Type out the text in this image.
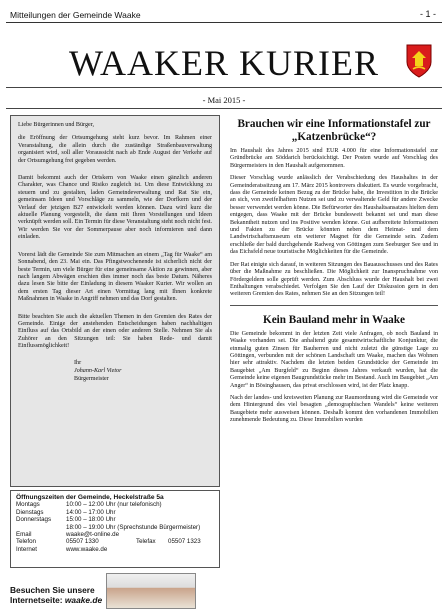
Mitteilungen der Gemeinde Waake	- 1 -
WAAKER KURIER
- Mai 2015 -

Liebe Bürgerinnen und Bürger,

die Eröffnung der Ortsumgehung steht kurz bevor. Im Rahmen einer Veranstaltung, die allein durch die zuständige Straßenbauverwaltung organisiert wird, soll aller Voraussicht nach ab Ende August der Verkehr auf der Ortsumgehung frei gegeben werden.

Damit bekommt auch der Ortskern von Waake einen gänzlich anderen Charakter, was Chance und Risiko zugleich ist. Um diese Entwicklung zu steuern und zu gestalten, laden Gemeindeverwaltung und Rat Sie ein, gemeinsam Ideen und Vorschläge zu sammeln, wie der Dorfkern und der Verlauf der jetzigen B27 entwickelt werden können. Dazu wird kurz die aktuelle Planung vorgestellt, die dann mit Ihren Vorstellungen und Ideen verknüpft werden soll. Ein Termin für diese Veranstaltung steht noch nicht fest. Wir werden Sie vor der Sommerpause aber noch informieren und dann einladen.

Vorerst lädt die Gemeinde Sie zum Mitmachen an einem „Tag für Waake“ am Sonnabend, den 23. Mai ein. Das Pfingstwochenende ist sicherlich nicht der beste Termin, um viele Bürger für eine gemeinsame Aktion zu gewinnen, aber nach langem Abwägen erschien dies immer noch das beste Datum. Näheres dazu lesen Sie bitte der Einladung in diesem Waaker Kurier. Wir wollen an dem ersten Tag dieser Art einen Vormittag lang mit Ihnen konkrete Maßnahmen in Waake in Angriff nehmen und das Dorf gestalten.

Bitte beachten Sie auch die aktuellen Themen in den Gremien des Rates der Gemeinde. Einige der anstehenden Entscheidungen haben nachhaltigen Einfluss auf das Ortsbild an der einen oder anderen Stelle. Nehmen Sie als Zuhörer an den Sitzungen teil: Sie haben Rede- und damit Einflussmöglichkeit!

Ihr
Johann-Karl Vietor
Bürgermeister
Öffnungszeiten der Gemeinde, Heckelstraße 5a
Montags	10:00 – 12:00 Uhr (nur telefonisch)
Dienstags	14:00 – 17:00 Uhr
Donnerstags 15:00 – 18:00 Uhr
18:00 – 19:00 Uhr (Sprechstunde Bürgermeister)
Email	waake@t-online.de
Telefon	05507 1330	Telefax 05507 1323
Internet	www.waake.de
Besuchen Sie unsere
Internetseite: waake.de
Brauchen wir eine Informationstafel zur „Katzenbrücke“?

Im Haushalt des Jahres 2015 sind EUR 4.000 für eine Informationstafel zur Gründbrücke am Söddarich berücksichtigt. Der Posten wurde auf Vorschlag des Bürgermeisters in den Haushalt aufgenommen.

Dieser Vorschlag wurde anlässlich der Verabschiedung des Haushaltes in der Gemeinderatssitzung am 17. März 2015 kontrovers diskutiert. Es wurde vorgebracht, dass die Gemeinde keinen Bezug zu der Brücke habe, die Investition in die Brücke an sich, von zweifelhaftem Nutzen sei und zu verwaltende Geld für andere Zwecke besser verwendet werden könne. Die Befürworter des Haushaltsansatzes hielten dem entgegen, dass Waake mit der Brücke bundesweit bekannt sei und man diese Bekanntheit nutzen und ins Positive wenden könne. Gut aufbereitete Informationen und Fakten zu der Brücke könnten neben dem Heimat- und dem Landwirtschaftsmuseum ein weiterer Magnet für die Gemeinde sein. Zudem erschließe der bald durchgehende Radweg von Göttingen zum Seeburger See und in das Eichsfeld neue touristische Möglichkeiten für die Gemeinde.

Der Rat einigte sich darauf, in weiteren Sitzungen des Bauausschusses und des Rates über die Maßnahme zu beschließen. Die Möglichkeit zur Inanspruchnahme von Fördergeldern solle geprüft werden. Zum Abschluss wurde der Haushalt bei zwei Enthaltungen verabschiedet. Verfolgen Sie den Lauf der Diskussion gern in den weiteren Gremien des Rates, nehmen Sie an den Sitzungen teil!

Kein Bauland mehr in Waake

Die Gemeinde bekommt in der letzten Zeit viele Anfragen, ob noch Bauland in Waake vorhanden sei. Die anhaltend gute gesamtwirtschaftliche Konjunktur, die einmalig guten Zinsen für Bauherren und nicht zuletzt die günstige Lage zu Göttingen, verbunden mit der schönen Landschaft um Waake, machen das Wohnen hier sehr attraktiv. Nachdem die letzten beiden Grundstücke der Gemeinde im Baugebiet „Am Burgfeld“ zu Beginn dieses Jahres verkauft wurden, hat die Gemeinde keine eigenen Baugrundstücke mehr im Bestand. Auch im Baugebiet „Am Anger“ in Bösinghausen, das privat erschlossen wird, ist der Platz knapp.

Nach der landes- und kreisweiten Planung zur Raumordnung wird die Gemeinde vor dem Hintergrund des viel besagten „demographischen Wandels“ keine weiteren Baugebiete mehr ausweisen können. Deshalb kommt den vorhandenen Immobilien zunehmende Bedeutung zu. Diese Immobilien wurden
